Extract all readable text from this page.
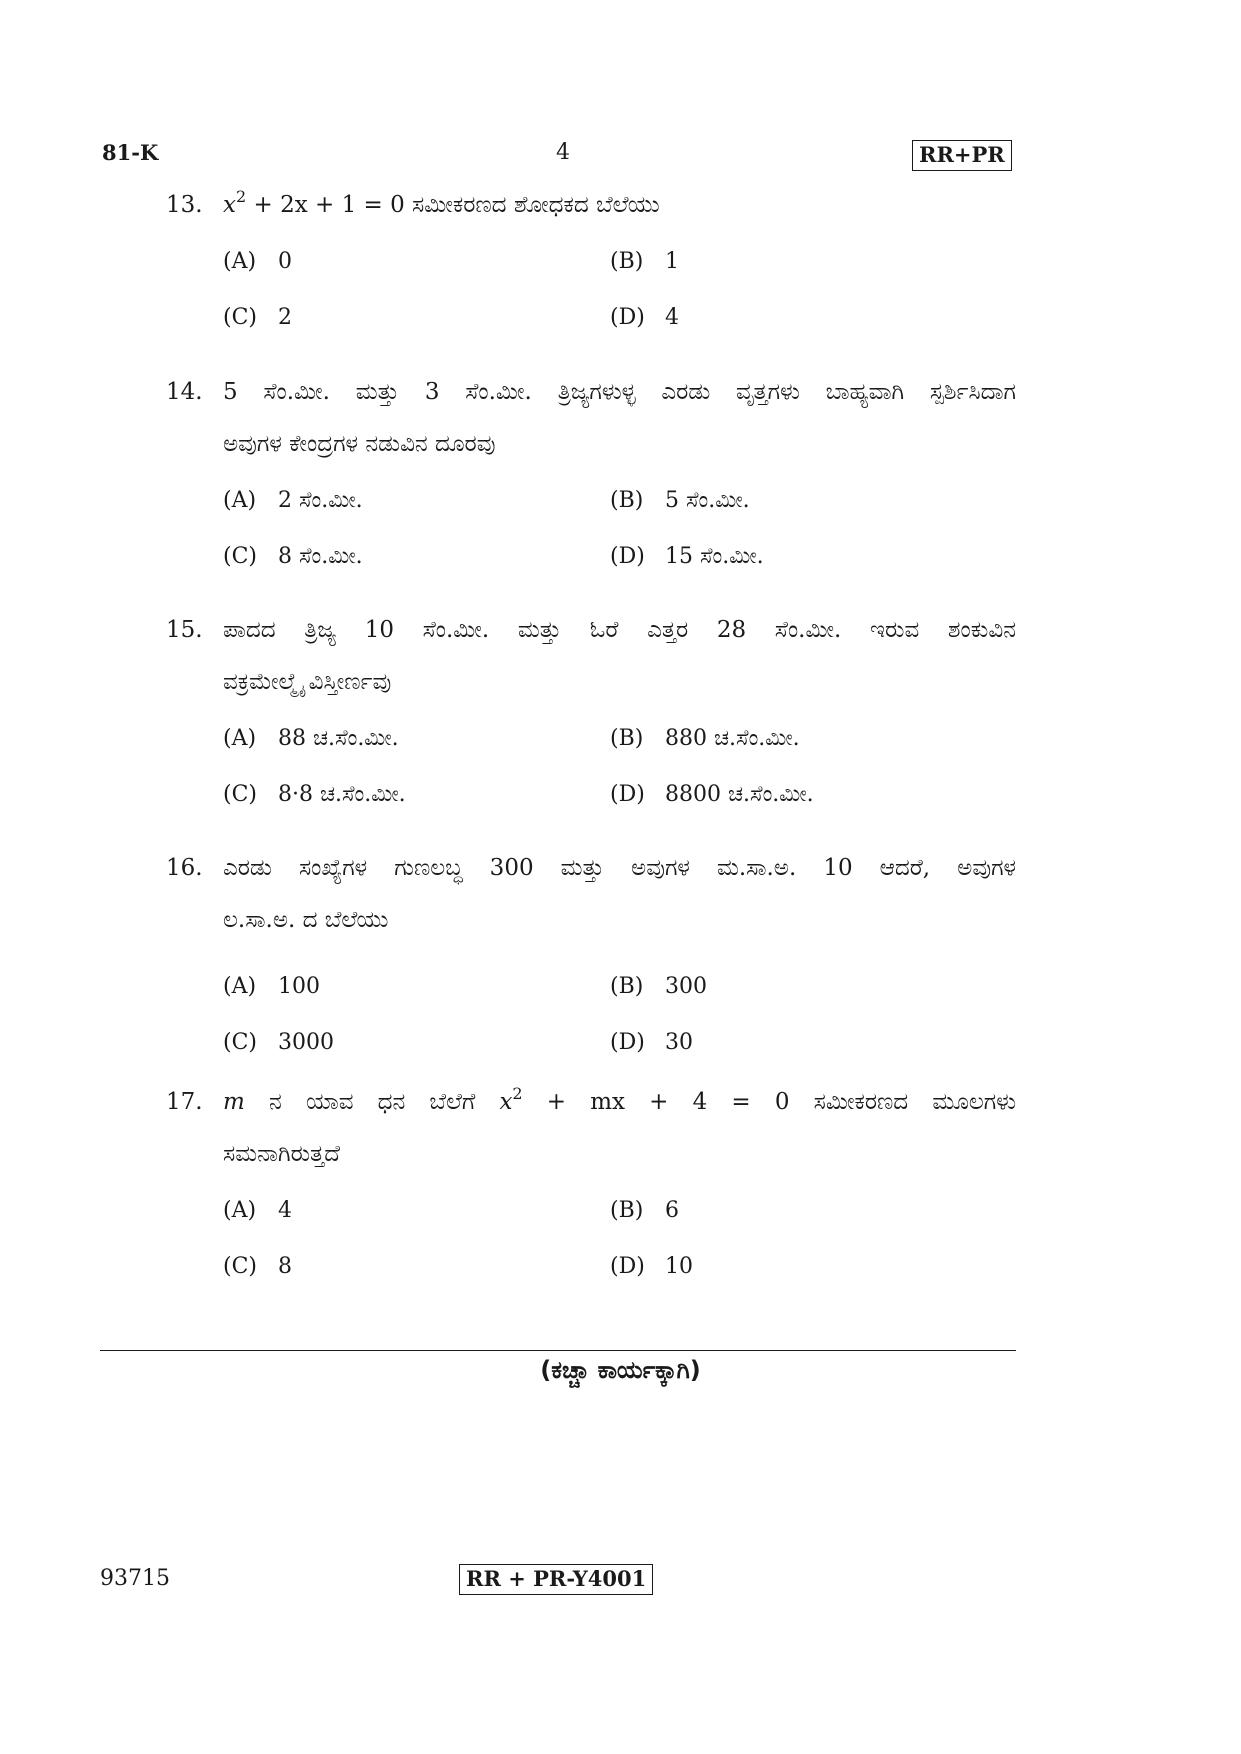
81-K	4	RR+PR
13. $x^2 + 2x + 1 = 0$ ಸಮೀಕರಣದ ಶೋಧಕದ ಬೆಲೆಯು
(A) 0	(B) 1
(C) 2	(D) 4
14. 5 ಸೆಂ.ಮೀ. ಮತ್ತು 3 ಸೆಂ.ಮೀ. ತ್ರಿಜ್ಯಗಳುಳ್ಳ ಎರಡು ವೃತ್ತಗಳು ಬಾಹ್ಯವಾಗಿ ಸ್ಪರ್ಶಿಸಿದಾಗ
ಅವುಗಳ ಕೇಂದ್ರಗಳ ನಡುವಿನ ದೂರವು
(A) 2 ಸೆಂ.ಮೀ.	(B) 5 ಸೆಂ.ಮೀ.
(C) 8 ಸೆಂ.ಮೀ.	(D) 15 ಸೆಂ.ಮೀ.
15. ಪಾದದ ತ್ರಿಜ್ಯ 10 ಸೆಂ.ಮೀ. ಮತ್ತು ಓರೆ ಎತ್ತರ 28 ಸೆಂ.ಮೀ. ಇರುವ ಶಂಕುವಿನ
ವಕ್ರಮೇಲ್ಮೈ ವಿಸ್ತೀರ್ಣವು
(A) 88 ಚ.ಸೆಂ.ಮೀ.	(B) 880 ಚ.ಸೆಂ.ಮೀ.
(C) 8·8 ಚ.ಸೆಂ.ಮೀ.	(D) 8800 ಚ.ಸೆಂ.ಮೀ.
16. ಎರಡು ಸಂಖ್ಯೆಗಳ ಗುಣಲಬ್ಧ 300 ಮತ್ತು ಅವುಗಳ ಮ.ಸಾ.ಅ. 10 ಆದರೆ, ಅವುಗಳ
ಲ.ಸಾ.ಅ. ದ ಬೆಲೆಯು
(A) 100	(B) 300
(C) 3000	(D) 30
17. m ನ ಯಾವ ಧನ ಬೆಲೆಗೆ $x^2$ + mx + 4 = 0 ಸಮೀಕರಣದ ಮೂಲಗಳು
ಸಮನಾಗಿರುತ್ತದೆ
(A) 4	(B) 6
(C) 8	(D) 10
(ಕಚ್ಚಾ ಕಾರ್ಯಕ್ಕಾಗಿ)
93715	RR + PR-Y4001
